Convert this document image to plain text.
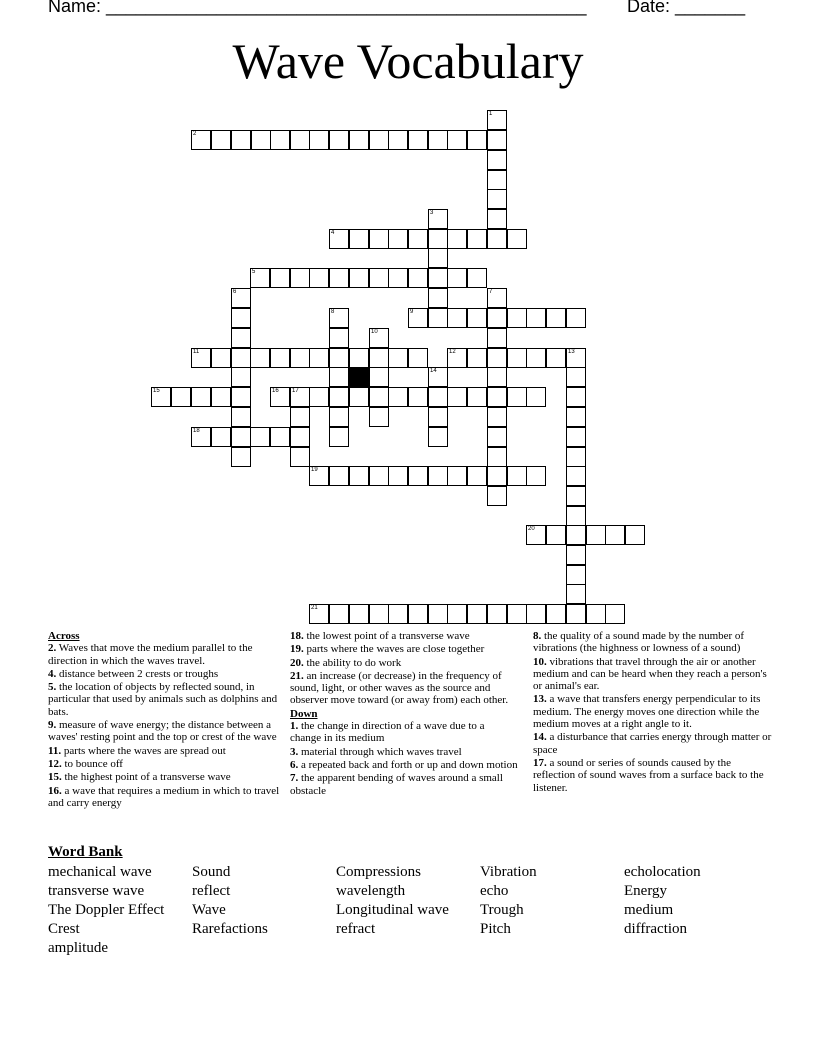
Name: ________________________________________________ Date: _______
Wave Vocabulary
1
2
3
4
5
6	7
8	9
10
11	12	13
14
15	16 17
18
19
20
21
Across
2. Waves that move the medium parallel to the direction in which the waves travel.
4. distance between 2 crests or troughs
5. the location of objects by reflected sound, in particular that used by animals such as dolphins and bats.
9. measure of wave energy; the distance between a waves' resting point and the top or crest of the wave
11. parts where the waves are spread out
12. to bounce off
15. the highest point of a transverse wave
16. a wave that requires a medium in which to travel and carry energy
18. the lowest point of a transverse wave
19. parts where the waves are close together
20. the ability to do work
21. an increase (or decrease) in the frequency of sound, light, or other waves as the source and observer move toward (or away from) each other.
Down
1. the change in direction of a wave due to a change in its medium
3. material through which waves travel
6. a repeated back and forth or up and down motion
7. the apparent bending of waves around a small obstacle
8. the quality of a sound made by the number of vibrations (the highness or lowness of a sound)
10. vibrations that travel through the air or another medium and can be heard when they reach a person's or animal's ear.
13. a wave that transfers energy perpendicular to its medium. The energy moves one direction while the medium moves at a right angle to it.
14. a disturbance that carries energy through matter or space
17. a sound or series of sounds caused by the reflection of sound waves from a surface back to the listener.
Word Bank
mechanical wave
transverse wave
The Doppler Effect
Crest
amplitude
Sound
reflect
Wave
Rarefactions
Compressions
wavelength
Longitudinal wave
refract
Vibration
echo
Trough
Pitch
echolocation
Energy
medium
diffraction
